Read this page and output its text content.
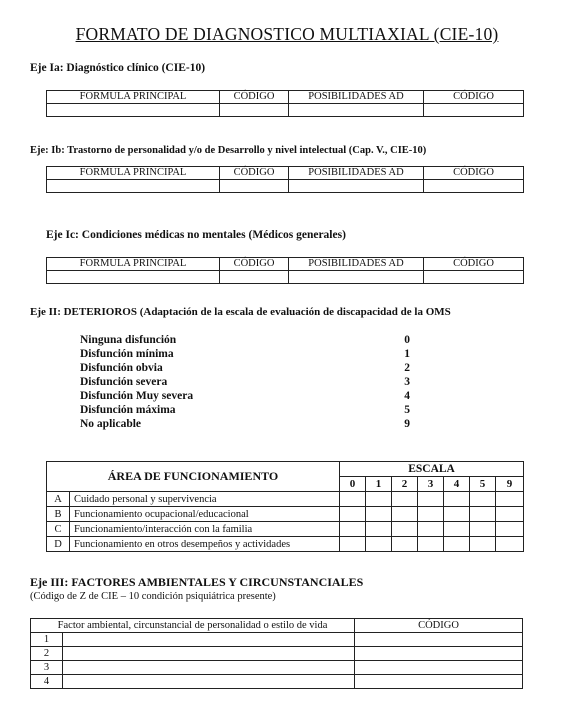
FORMATO DE DIAGNOSTICO MULTIAXIAL (CIE-10)
Eje Ia: Diagnóstico clínico (CIE-10)
FORMULA PRINCIPAL	CÓDIGO	POSIBILIDADES AD	CÓDIGO

Eje: Ib: Trastorno de personalidad y/o de Desarrollo y nivel intelectual (Cap. V., CIE-10)
FORMULA PRINCIPAL	CÓDIGO	POSIBILIDADES AD	CÓDIGO

Eje Ic: Condiciones médicas no mentales (Médicos generales)
FORMULA PRINCIPAL	CÓDIGO	POSIBILIDADES AD	CÓDIGO

Eje II: DETERIOROS (Adaptación de la escala de evaluación de discapacidad de la OMS
Ninguna disfunción	0
Disfunción mínima	1
Disfunción obvia	2
Disfunción severa	3
Disfunción Muy severa	4
Disfunción máxima	5
No aplicable	9
ÁREA DE FUNCIONAMIENTO		ESCALA						
		0	1	2	3	4	5	9
A	Cuidado personal y supervivencia							
B	Funcionamiento ocupacional/educacional							
C	Funcionamiento/interacción con la familia							
D	Funcionamiento en otros desempeños y actividades							
Eje III: FACTORES AMBIENTALES Y CIRCUNSTANCIALES
(Código de Z de CIE – 10 condición psiquiátrica presente)
Factor ambiental, circunstancial de personalidad o estilo de vida		CÓDIGO
1		
2		
3		
4		
